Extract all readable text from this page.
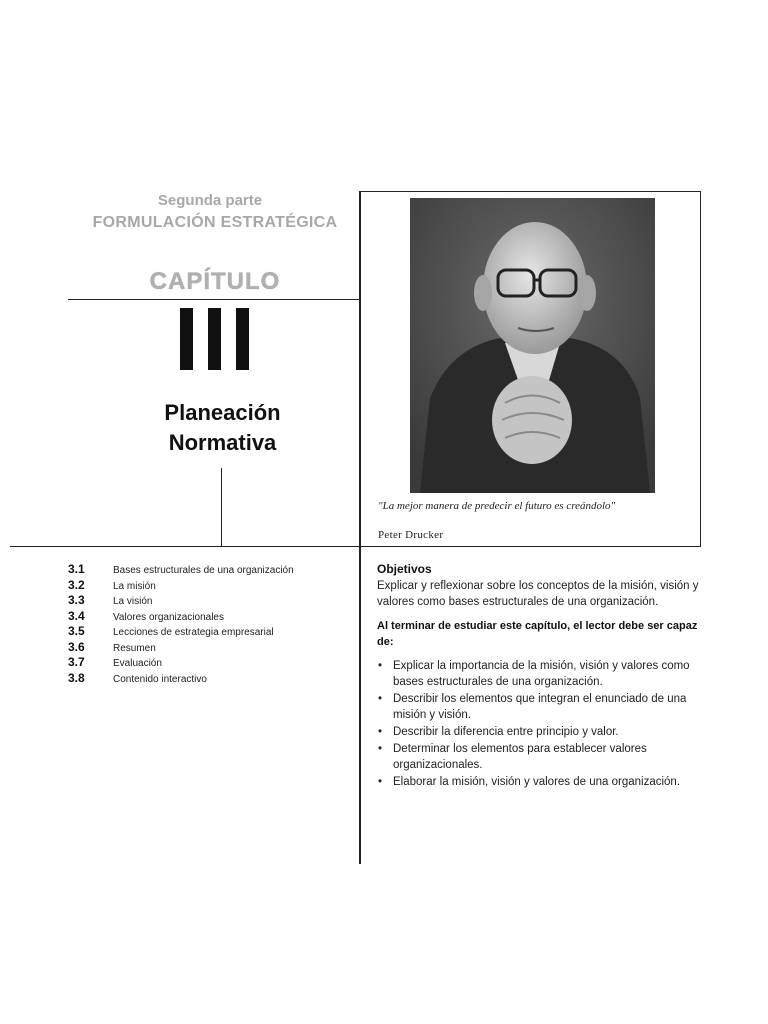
Segunda parte
FORMULACIÓN ESTRATÉGICA
CAPÍTULO
Planeación
Normativa
"La mejor manera de predecir el futuro es creándolo"
Peter Drucker
3.1	Bases estructurales de una organización
3.2	La misión
3.3	La visión
3.4	Valores organizacionales
3.5	Lecciones de estrategia empresarial
3.6	Resumen
3.7	Evaluación
3.8	Contenido interactivo
Objetivos
Explicar y reflexionar sobre los conceptos de la misión, visión y valores como bases estructurales de una organización.
Al terminar de estudiar este capítulo, el lector debe ser capaz de:
• Explicar la importancia de la misión, visión y valores como bases estructurales de una organización.
• Describir los elementos que integran el enunciado de una misión y visión.
• Describir la diferencia entre principio y valor.
• Determinar los elementos para establecer valores organizacionales.
• Elaborar la misión, visión y valores de una organización.
